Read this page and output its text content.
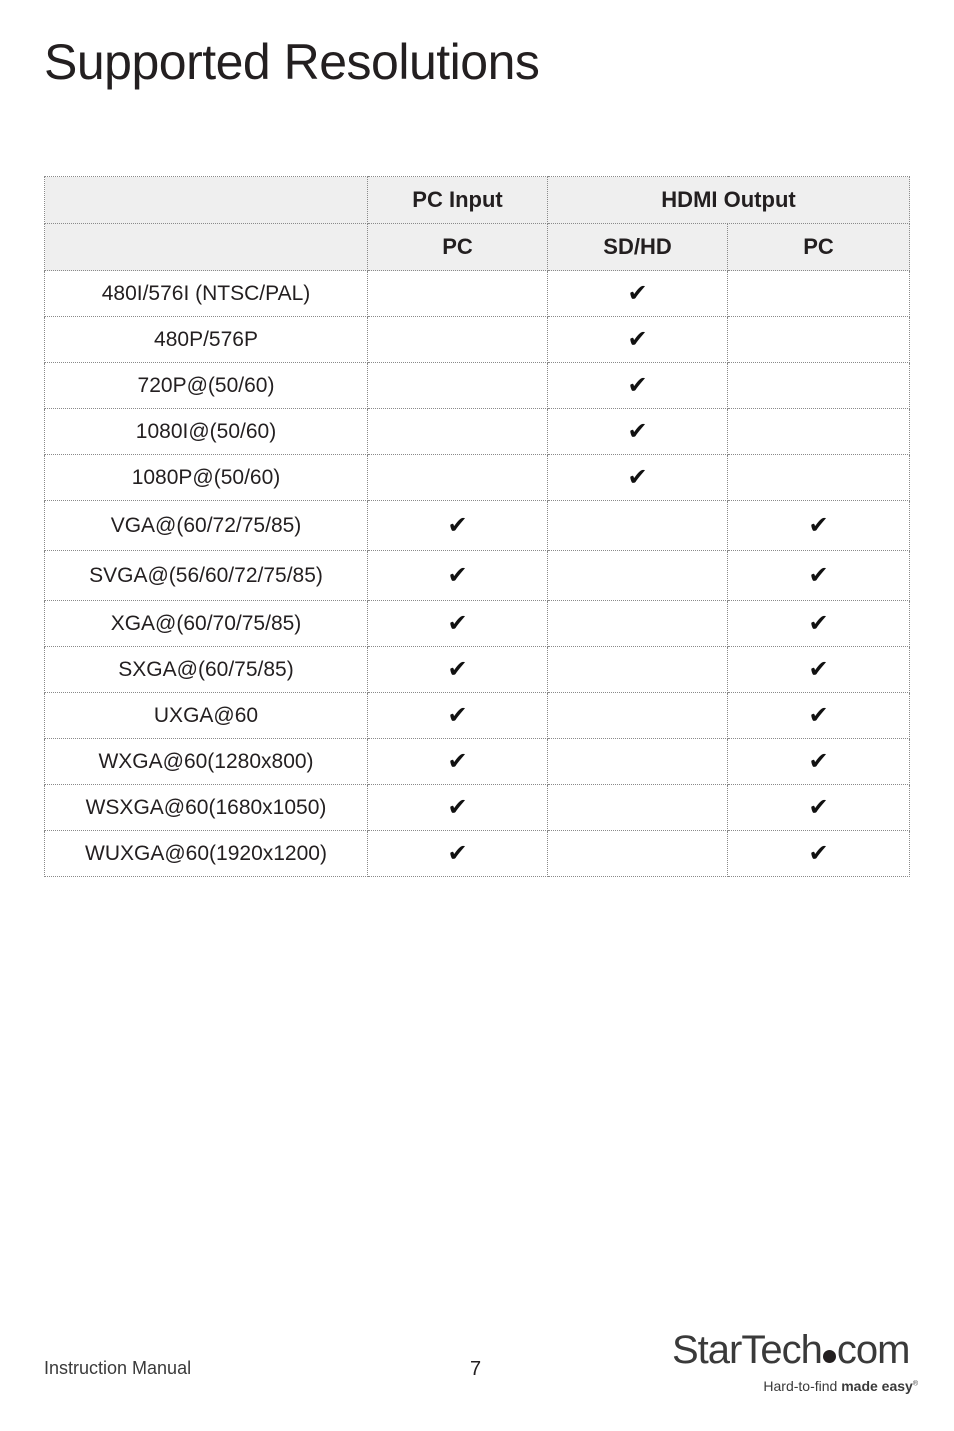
Supported Resolutions
	PC Input	HDMI Output	
	PC	SD/HD	PC
480I/576I (NTSC/PAL)		✔	
480P/576P		✔	
720P@(50/60)		✔	
1080I@(50/60)		✔	
1080P@(50/60)		✔	
VGA@(60/72/75/85)	✔		✔
SVGA@(56/60/72/75/85)	✔		✔
XGA@(60/70/75/85)	✔		✔
SXGA@(60/75/85)	✔		✔
UXGA@60	✔		✔
WXGA@60(1280x800)	✔		✔
WSXGA@60(1680x1050)	✔		✔
WUXGA@60(1920x1200)	✔		✔
Instruction Manual	7	StarTech com
Hard-to-find made easy®
